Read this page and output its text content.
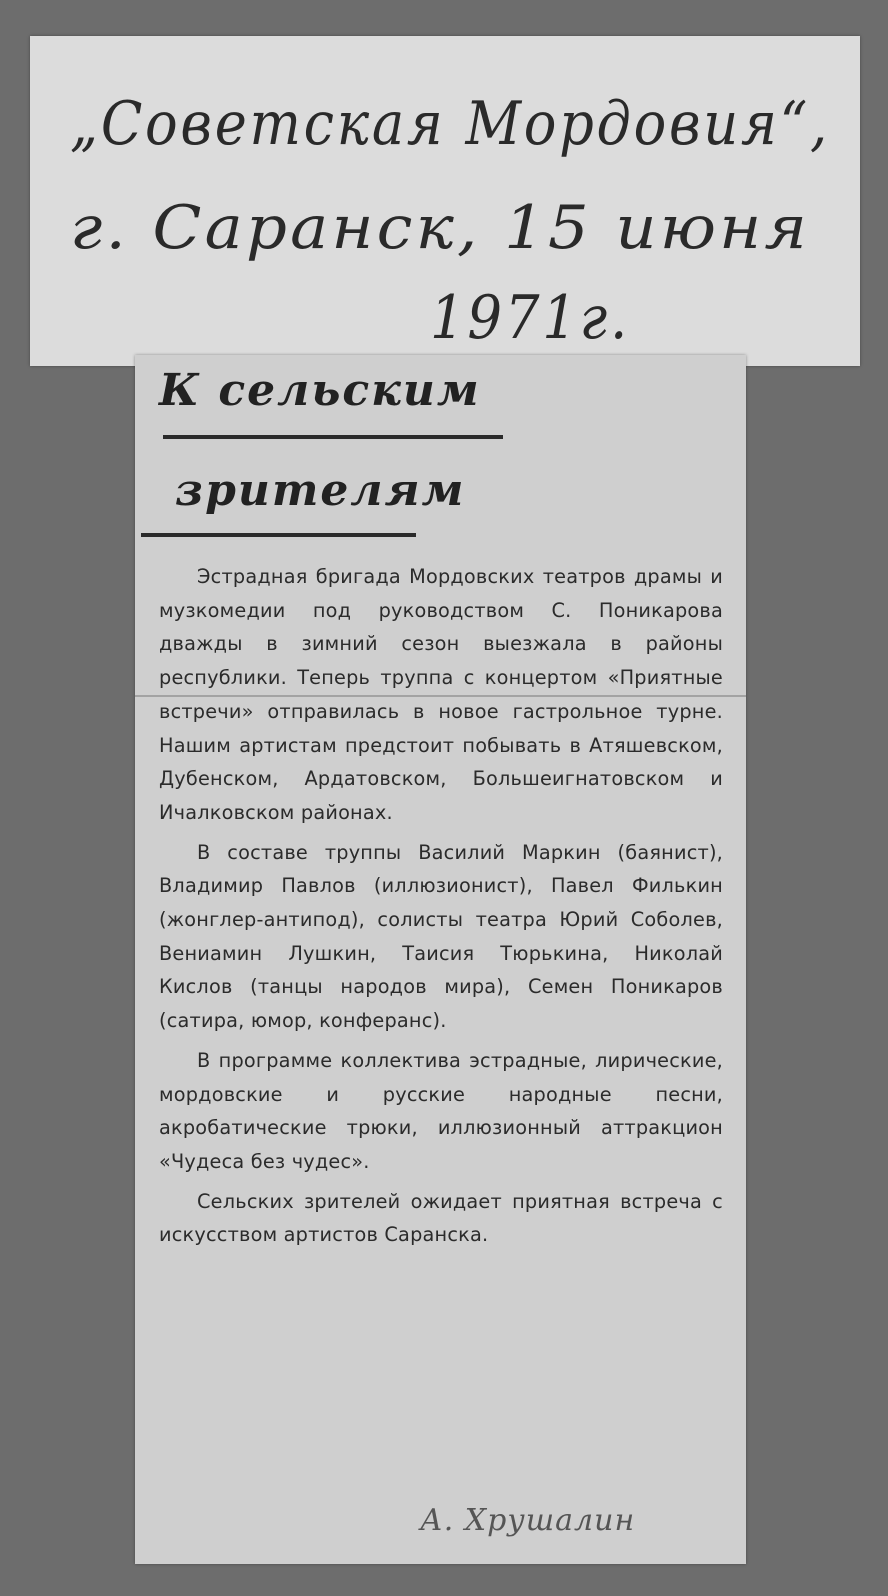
„Советская Мордовия“,
г. Саранск, 15 июня
1971г.
К сельским
зрителям

Эстрадная бригада Мордовских театров драмы и музкомедии под руководством С. Поникарова дважды в зимний сезон выезжала в районы республики. Теперь труппа с концертом «Приятные встречи» отправилась в новое гастрольное турне. Нашим артистам предстоит побывать в Атяшевском, Дубенском, Ардатовском, Большеигнатовском и Ичалковском районах.

В составе труппы Василий Маркин (баянист), Владимир Павлов (иллюзионист), Павел Филькин (жонглер-антипод), солисты театра Юрий Соболев, Вениамин Лушкин, Таисия Тюрькина, Николай Кислов (танцы народов мира), Семен Поникаров (сатира, юмор, конферанс).

В программе коллектива эстрадные, лирические, мордовские и русские народные песни, акробатические трюки, иллюзионный аттракцион «Чудеса без чудес».

Сельских зрителей ожидает приятная встреча с искусством артистов Саранска.

А. Хрушалин
